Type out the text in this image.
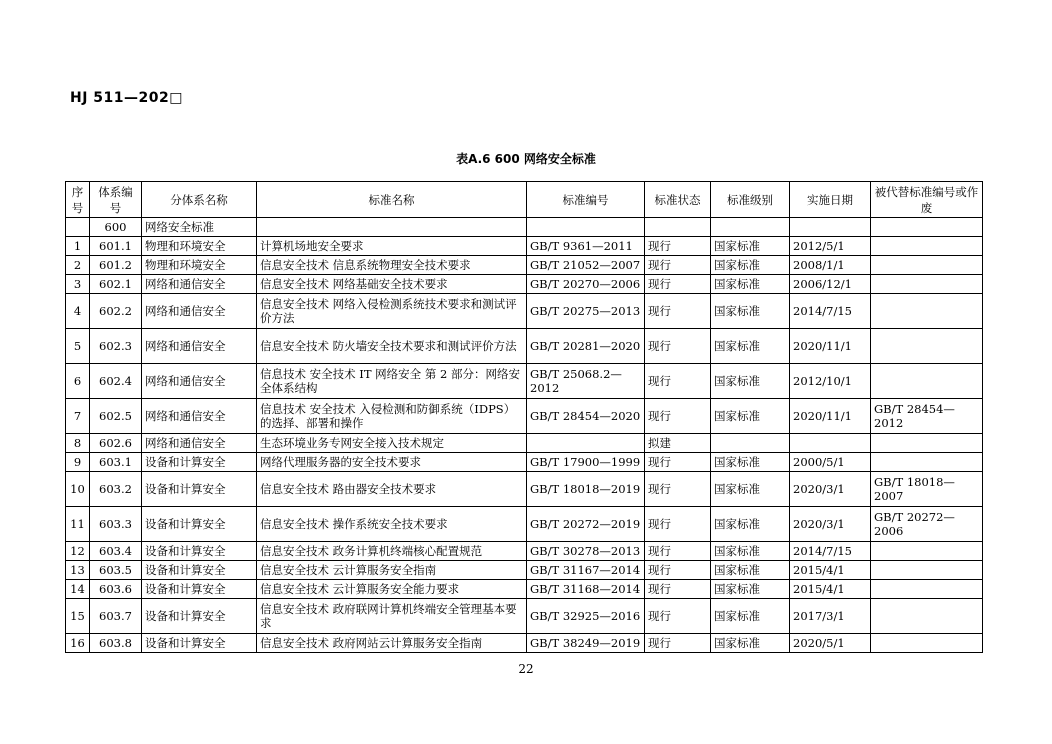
HJ 511—202□
表A.6 600 网络安全标准
序号	体系编号	分体系名称	标准名称	标准编号	标准状态	标准级别	实施日期	被代替标准编号或作废
	600	网络安全标准						
1	601.1	物理和环境安全	计算机场地安全要求	GB/T 9361—2011	现行	国家标准	2012/5/1	
2	601.2	物理和环境安全	信息安全技术 信息系统物理安全技术要求	GB/T 21052—2007	现行	国家标准	2008/1/1	
3	602.1	网络和通信安全	信息安全技术 网络基础安全技术要求	GB/T 20270—2006	现行	国家标准	2006/12/1	
4	602.2	网络和通信安全	信息安全技术 网络入侵检测系统技术要求和测试评价方法	GB/T 20275—2013	现行	国家标准	2014/7/15	
5	602.3	网络和通信安全	信息安全技术 防火墙安全技术要求和测试评价方法	GB/T 20281—2020	现行	国家标准	2020/11/1	
6	602.4	网络和通信安全	信息技术 安全技术 IT 网络安全 第 2 部分：网络安全体系结构	GB/T 25068.2—2012	现行	国家标准	2012/10/1	
7	602.5	网络和通信安全	信息技术 安全技术 入侵检测和防御系统（IDPS）的选择、部署和操作	GB/T 28454—2020	现行	国家标准	2020/11/1	GB/T 28454—2012
8	602.6	网络和通信安全	生态环境业务专网安全接入技术规定		拟建			
9	603.1	设备和计算安全	网络代理服务器的安全技术要求	GB/T 17900—1999	现行	国家标准	2000/5/1	
10	603.2	设备和计算安全	信息安全技术 路由器安全技术要求	GB/T 18018—2019	现行	国家标准	2020/3/1	GB/T 18018—2007
11	603.3	设备和计算安全	信息安全技术 操作系统安全技术要求	GB/T 20272—2019	现行	国家标准	2020/3/1	GB/T 20272—2006
12	603.4	设备和计算安全	信息安全技术 政务计算机终端核心配置规范	GB/T 30278—2013	现行	国家标准	2014/7/15	
13	603.5	设备和计算安全	信息安全技术 云计算服务安全指南	GB/T 31167—2014	现行	国家标准	2015/4/1	
14	603.6	设备和计算安全	信息安全技术 云计算服务安全能力要求	GB/T 31168—2014	现行	国家标准	2015/4/1	
15	603.7	设备和计算安全	信息安全技术 政府联网计算机终端安全管理基本要求	GB/T 32925—2016	现行	国家标准	2017/3/1	
16	603.8	设备和计算安全	信息安全技术 政府网站云计算服务安全指南	GB/T 38249—2019	现行	国家标准	2020/5/1	
22
